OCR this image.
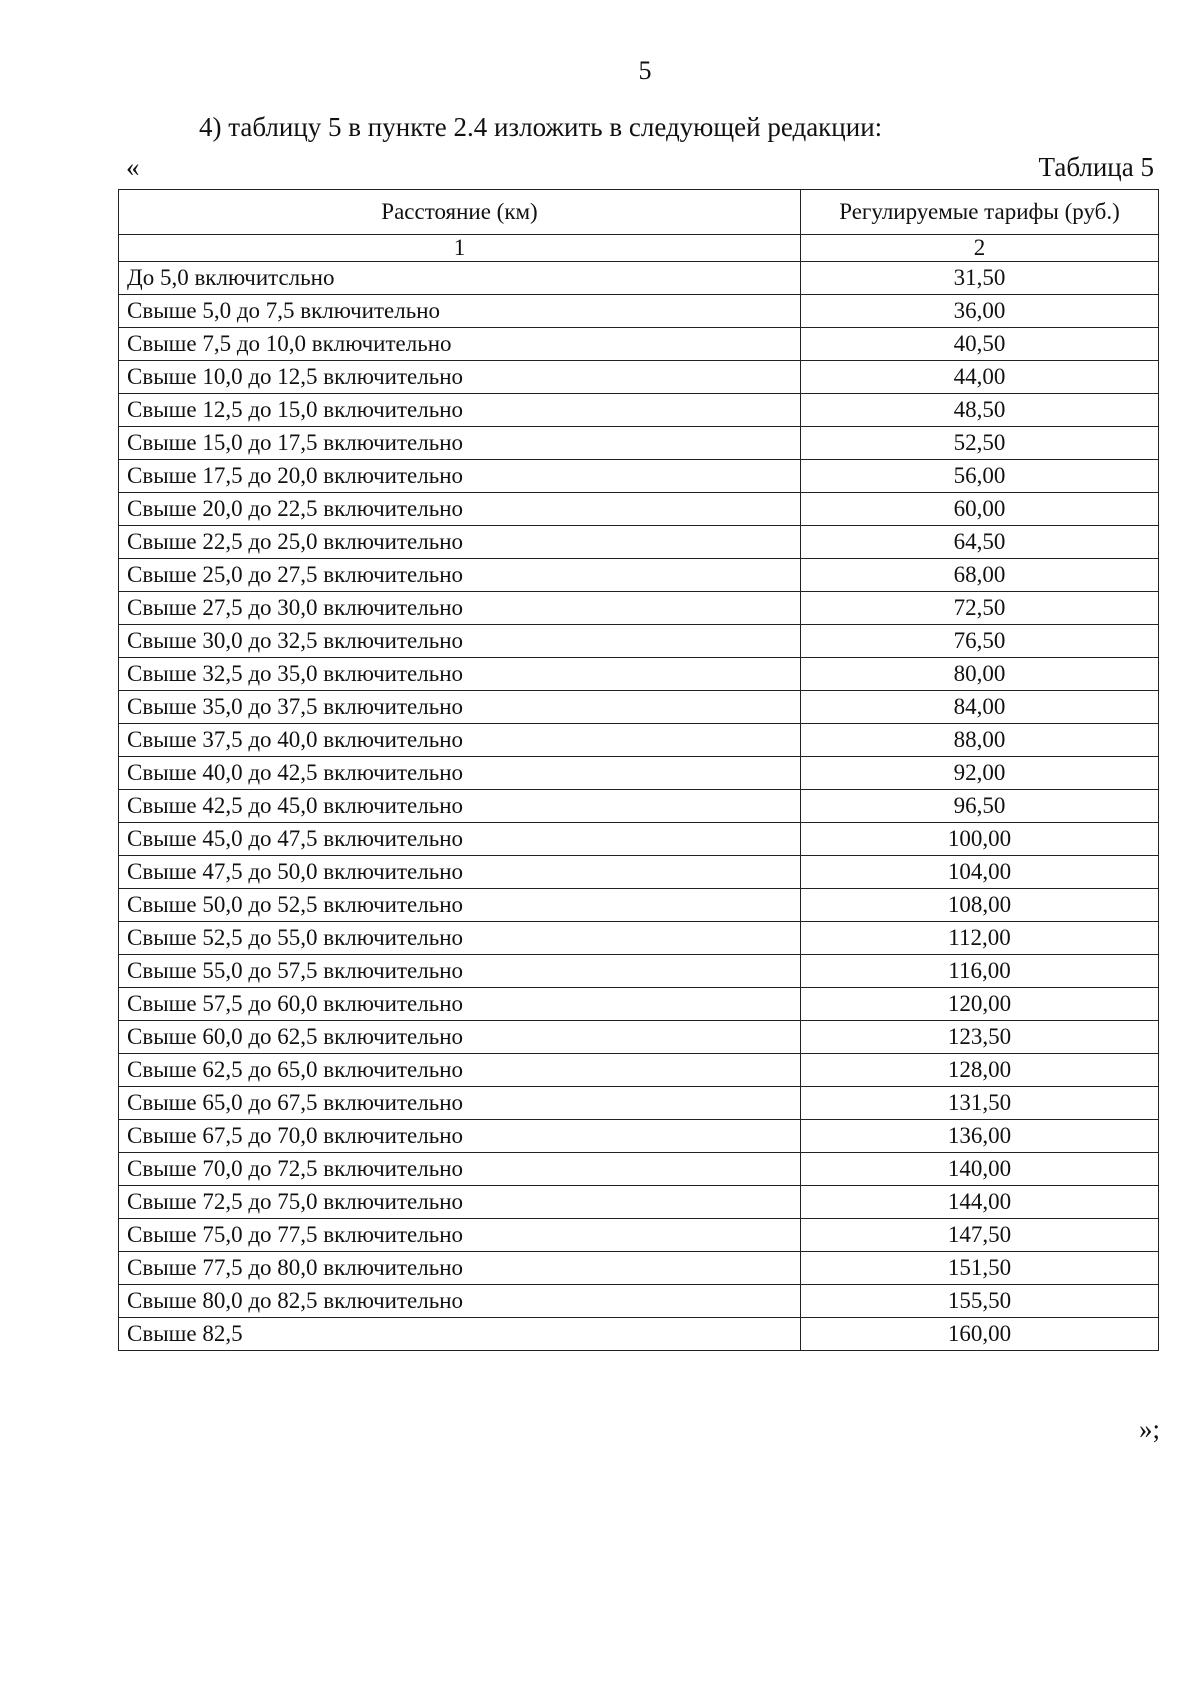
5
4) таблицу 5 в пункте 2.4 изложить в следующей редакции:
«	Таблица 5
Расстояние (км)	Регулируемые тарифы (руб.)
1	2
До 5,0 включитсльно	31,50
Свыше 5,0 до 7,5 включительно	36,00
Свыше 7,5 до 10,0 включительно	40,50
Свыше 10,0 до 12,5 включительно	44,00
Свыше 12,5 до 15,0 включительно	48,50
Свыше 15,0 до 17,5 включительно	52,50
Свыше 17,5 до 20,0 включительно	56,00
Свыше 20,0 до 22,5 включительно	60,00
Свыше 22,5 до 25,0 включительно	64,50
Свыше 25,0 до 27,5 включительно	68,00
Свыше 27,5 до 30,0 включительно	72,50
Свыше 30,0 до 32,5 включительно	76,50
Свыше 32,5 до 35,0 включительно	80,00
Свыше 35,0 до 37,5 включительно	84,00
Свыше 37,5 до 40,0 включительно	88,00
Свыше 40,0 до 42,5 включительно	92,00
Свыше 42,5 до 45,0 включительно	96,50
Свыше 45,0 до 47,5 включительно	100,00
Свыше 47,5 до 50,0 включительно	104,00
Свыше 50,0 до 52,5 включительно	108,00
Свыше 52,5 до 55,0 включительно	112,00
Свыше 55,0 до 57,5 включительно	116,00
Свыше 57,5 до 60,0 включительно	120,00
Свыше 60,0 до 62,5 включительно	123,50
Свыше 62,5 до 65,0 включительно	128,00
Свыше 65,0 до 67,5 включительно	131,50
Свыше 67,5 до 70,0 включительно	136,00
Свыше 70,0 до 72,5 включительно	140,00
Свыше 72,5 до 75,0 включительно	144,00
Свыше 75,0 до 77,5 включительно	147,50
Свыше 77,5 до 80,0 включительно	151,50
Свыше 80,0 до 82,5 включительно	155,50
Свыше 82,5	160,00
»;
